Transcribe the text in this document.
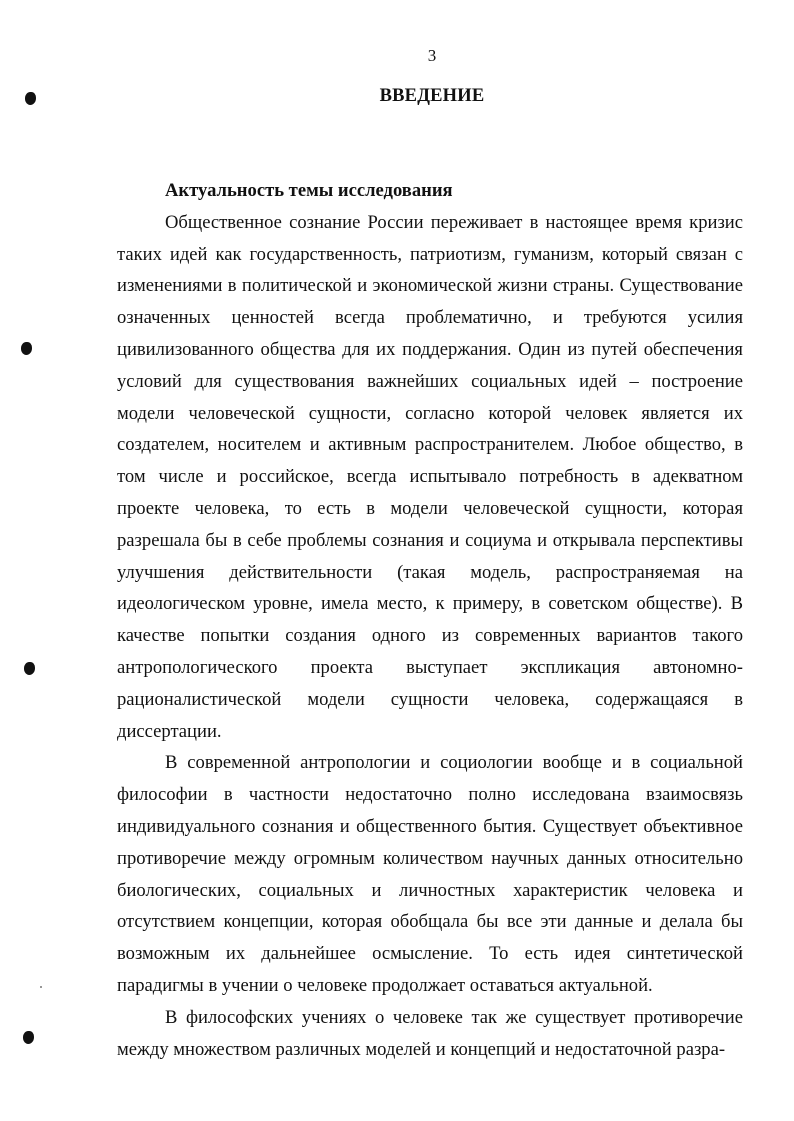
3
ВВЕДЕНИЕ

Актуальность темы исследования

Общественное сознание России переживает в настоящее время кризис таких идей как государственность, патриотизм, гуманизм, который связан с изменениями в политической и экономической жизни страны. Существование означенных ценностей всегда проблематично, и требуются усилия цивилизованного общества для их поддержания. Один из путей обеспечения условий для существования важнейших социальных идей – построение модели человеческой сущности, согласно которой человек является их создателем, носителем и активным распространителем. Любое общество, в том числе и российское, всегда испытывало потребность в адекватном проекте человека, то есть в модели человеческой сущности, которая разрешала бы в себе проблемы сознания и социума и открывала перспективы улучшения действительности (такая модель, распространяемая на идеологическом уровне, имела место, к примеру, в советском обществе). В качестве попытки создания одного из современных вариантов такого антропологического проекта выступает экспликация автономно-рационалистической модели сущности человека, содержащаяся в диссертации.

В современной антропологии и социологии вообще и в социальной философии в частности недостаточно полно исследована взаимосвязь индивидуального сознания и общественного бытия. Существует объективное противоречие между огромным количеством научных данных относительно биологических, социальных и личностных характеристик человека и отсутствием концепции, которая обобщала бы все эти данные и делала бы возможным их дальнейшее осмысление. То есть идея синтетической парадигмы в учении о человеке продолжает оставаться актуальной.

В философских учениях о человеке так же существует противоречие между множеством различных моделей и концепций и недостаточной разра-
